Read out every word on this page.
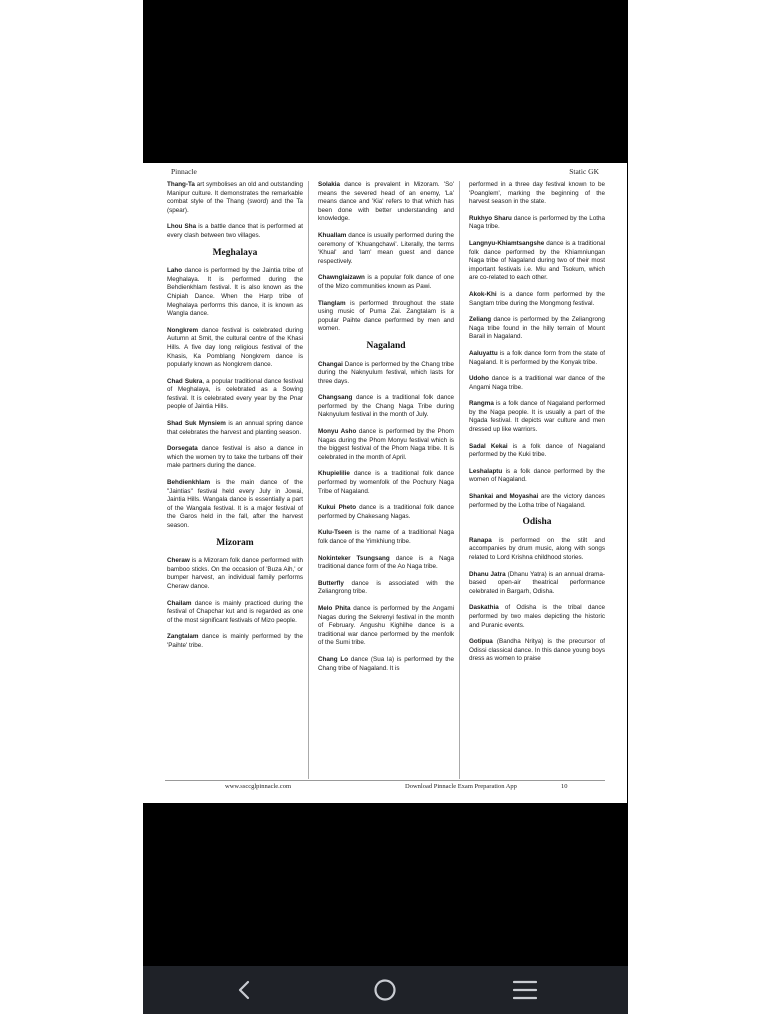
Pinnacle	Static GK
Thang-Ta art symbolises an old and outstanding Manipur culture. It demonstrates the remarkable combat style of the Thang (sword) and the Ta (spear).
Lhou Sha is a battle dance that is performed at every clash between two villages.
Meghalaya
Laho dance is performed by the Jaintia tribe of Meghalaya. It is performed during the Behdienkhlam festival. It is also known as the Chipiah Dance. When the Harp tribe of Meghalaya performs this dance, it is known as Wangla dance.
Nongkrem dance festival is celebrated during Autumn at Smit, the cultural centre of the Khasi Hills. A five day long religious festival of the Khasis, Ka Pomblang Nongkrem dance is popularly known as Nongkrem dance.
Chad Sukra, a popular traditional dance festival of Meghalaya, is celebrated as a Sowing festival. It is celebrated every year by the Pnar people of Jaintia Hills.
Shad Suk Mynsiem is an annual spring dance that celebrates the harvest and planting season.
Dorsegata dance festival is also a dance in which the women try to take the turbans off their male partners during the dance.
Behdienkhlam is the main dance of the "Jaintias" festival held every July in Jowai, Jaintia Hills. Wangala dance is essentially a part of the Wangala festival. It is a major festival of the Garos held in the fall, after the harvest season.
Mizoram
Cheraw is a Mizoram folk dance performed with bamboo sticks. On the occasion of 'Buza Aih,' or bumper harvest, an individual family performs Cheraw dance.
Chailam dance is mainly practiced during the festival of Chapchar kut and is regarded as one of the most significant festivals of Mizo people.
Zangtalam dance is mainly performed by the 'Paihte' tribe.
Solakia dance is prevalent in Mizoram. 'So' means the severed head of an enemy, 'La' means dance and 'Kia' refers to that which has been done with better understanding and knowledge.
Khuallam dance is usually performed during the ceremony of 'Khuangchawi'. Literally, the terms 'Khual' and 'lam' mean guest and dance respectively.
Chawnglaizawn is a popular folk dance of one of the Mizo communities known as Pawi.
Tlanglam is performed throughout the state using music of Puma Zai. Zangtalam is a popular Paihte dance performed by men and women.
Nagaland
Changai Dance is performed by the Chang tribe during the Naknyulum festival, which lasts for three days.
Changsang dance is a traditional folk dance performed by the Chang Naga Tribe during Naknyulum festival in the month of July.
Monyu Asho dance is performed by the Phom Nagas during the Phom Monyu festival which is the biggest festival of the Phom Naga tribe. It is celebrated in the month of April.
Khupielilie dance is a traditional folk dance performed by womenfolk of the Pochury Naga Tribe of Nagaland.
Kukui Pheto dance is a traditional folk dance performed by Chakesang Nagas.
Kulu-Tseen is the name of a traditional Naga folk dance of the Yimkhiung tribe.
Nokinteker Tsungsang dance is a Naga traditional dance form of the Ao Naga tribe.
Butterfly dance is associated with the Zeliangrong tribe.
Melo Phita dance is performed by the Angami Nagas during the Sekrenyi festival in the month of February. Angushu Kighilhe dance is a traditional war dance performed by the menfolk of the Sumi tribe.
Chang Lo dance (Sua la) is performed by the Chang tribe of Nagaland. It is
performed in a three day festival known to be 'Poanglem', marking the beginning of the harvest season in the state.
Rukhyo Sharu dance is performed by the Lotha Naga tribe.
Langnyu-Khiamtsangshe dance is a traditional folk dance performed by the Khiamniungan Naga tribe of Nagaland during two of their most important festivals i.e. Miu and Tsokum, which are co-related to each other.
Akok-Khi is a dance form performed by the Sangtam tribe during the Mongmong festival.
Zeliang dance is performed by the Zeliangrong Naga tribe found in the hilly terrain of Mount Barail in Nagaland.
Aaluyattu is a folk dance form from the state of Nagaland. It is performed by the Konyak tribe.
Udoho dance is a traditional war dance of the Angami Naga tribe.
Rangma is a folk dance of Nagaland performed by the Naga people. It is usually a part of the Ngada festival. It depicts war culture and men dressed up like warriors.
Sadal Kekai is a folk dance of Nagaland performed by the Kuki tribe.
Leshalaptu is a folk dance performed by the women of Nagaland.
Shankai and Moyashai are the victory dances performed by the Lotha tribe of Nagaland.
Odisha
Ranapa is performed on the stilt and accompanies by drum music, along with songs related to Lord Krishna childhood stories.
Dhanu Jatra (Dhanu Yatra) is an annual drama-based open-air theatrical performance celebrated in Bargarh, Odisha.
Daskathia of Odisha is the tribal dance performed by two males depicting the historic and Puranic events.
Gotipua (Bandha Nritya) is the precursor of Odissi classical dance. In this dance young boys dress as women to praise
www.ssccglpinnacle.com	Download Pinnacle Exam Preparation App	10
